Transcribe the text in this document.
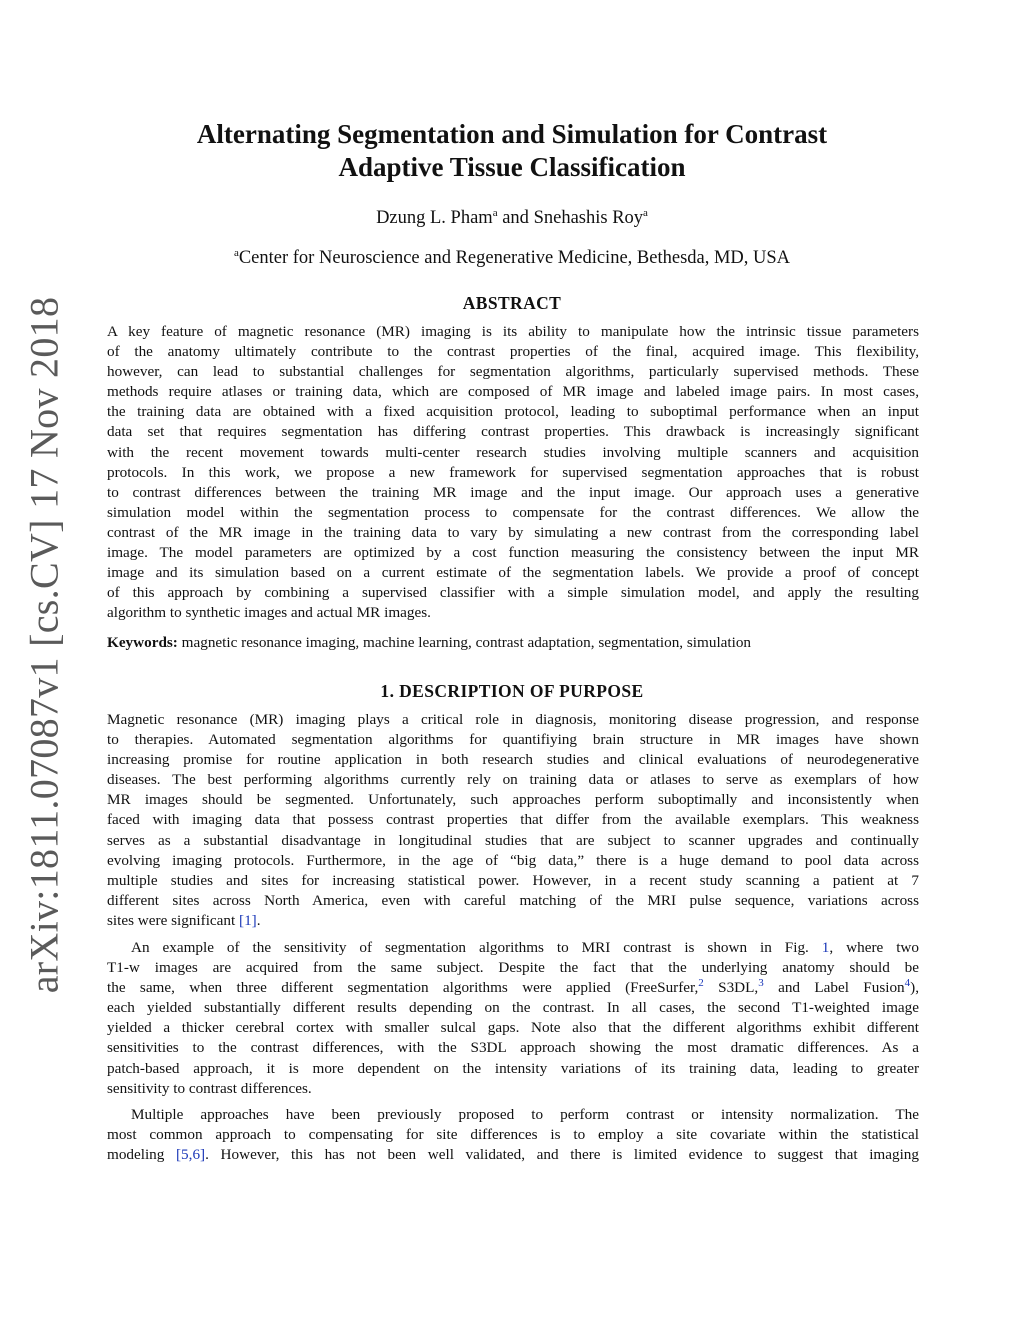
arXiv:1811.07087v1 [cs.CV] 17 Nov 2018
Alternating Segmentation and Simulation for Contrast
Adaptive Tissue Classification
Dzung L. Pham$^a$ and Snehashis Roy$^a$
$^a$Center for Neuroscience and Regenerative Medicine, Bethesda, MD, USA
ABSTRACT
A key feature of magnetic resonance (MR) imaging is its ability to manipulate how the intrinsic tissue parameters
of the anatomy ultimately contribute to the contrast properties of the final, acquired image. This flexibility,
however, can lead to substantial challenges for segmentation algorithms, particularly supervised methods. These
methods require atlases or training data, which are composed of MR image and labeled image pairs. In most cases,
the training data are obtained with a fixed acquisition protocol, leading to suboptimal performance when an input
data set that requires segmentation has differing contrast properties. This drawback is increasingly significant
with the recent movement towards multi-center research studies involving multiple scanners and acquisition
protocols. In this work, we propose a new framework for supervised segmentation approaches that is robust
to contrast differences between the training MR image and the input image. Our approach uses a generative
simulation model within the segmentation process to compensate for the contrast differences. We allow the
contrast of the MR image in the training data to vary by simulating a new contrast from the corresponding label
image. The model parameters are optimized by a cost function measuring the consistency between the input MR
image and its simulation based on a current estimate of the segmentation labels. We provide a proof of concept
of this approach by combining a supervised classifier with a simple simulation model, and apply the resulting
algorithm to synthetic images and actual MR images.
Keywords: magnetic resonance imaging, machine learning, contrast adaptation, segmentation, simulation
1. DESCRIPTION OF PURPOSE
Magnetic resonance (MR) imaging plays a critical role in diagnosis, monitoring disease progression, and response
to therapies. Automated segmentation algorithms for quantifiying brain structure in MR images have shown
increasing promise for routine application in both research studies and clinical evaluations of neurodegenerative
diseases. The best performing algorithms currently rely on training data or atlases to serve as exemplars of how
MR images should be segmented. Unfortunately, such approaches perform suboptimally and inconsistently when
faced with imaging data that possess contrast properties that differ from the available exemplars. This weakness
serves as a substantial disadvantage in longitudinal studies that are subject to scanner upgrades and continually
evolving imaging protocols. Furthermore, in the age of “big data,” there is a huge demand to pool data across
multiple studies and sites for increasing statistical power. However, in a recent study scanning a patient at 7
different sites across North America, even with careful matching of the MRI pulse sequence, variations across
sites were significant [1].
An example of the sensitivity of segmentation algorithms to MRI contrast is shown in Fig. 1, where two
T1-w images are acquired from the same subject. Despite the fact that the underlying anatomy should be
the same, when three different segmentation algorithms were applied (FreeSurfer,$^2$ S3DL,$^3$ and Label Fusion$^4$),
each yielded substantially different results depending on the contrast. In all cases, the second T1-weighted image
yielded a thicker cerebral cortex with smaller sulcal gaps. Note also that the different algorithms exhibit different
sensitivities to the contrast differences, with the S3DL approach showing the most dramatic differences. As a
patch-based approach, it is more dependent on the intensity variations of its training data, leading to greater
sensitivity to contrast differences.
Multiple approaches have been previously proposed to perform contrast or intensity normalization. The
most common approach to compensating for site differences is to employ a site covariate within the statistical
modeling [5,6]. However, this has not been well validated, and there is limited evidence to suggest that imaging
